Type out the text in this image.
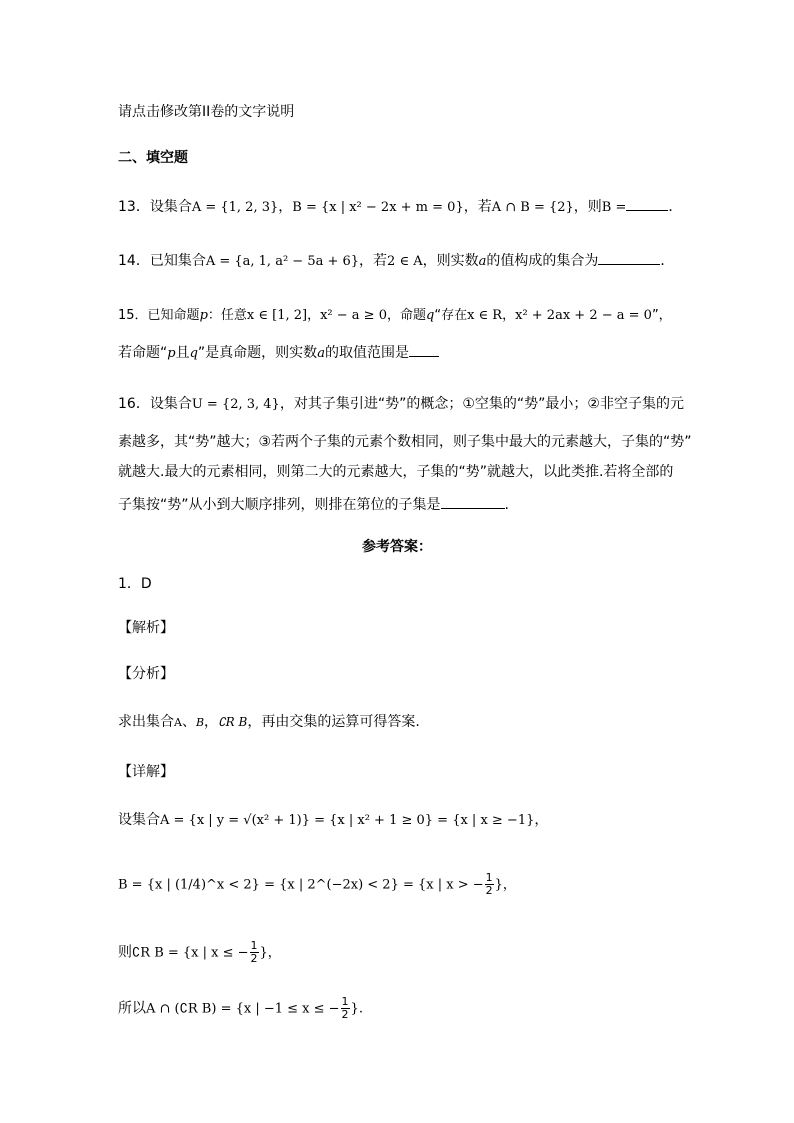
请点击修改第II卷的文字说明
二、填空题
13．设集合A = {1, 2, 3}，B = {x | x² − 2x + m = 0}，若A ∩ B = {2}，则B =	．
14．已知集合A = {a, 1, a² − 5a + 6}，若2 ∈ A，则实数a的值构成的集合为	．
15．已知命题p：任意x ∈ [1, 2]，x² − a ≥ 0，命题q“存在x ∈ R，x² + 2ax + 2 − a = 0”，
若命题“p且q”是真命题，则实数a的取值范围是
16．设集合U = {2, 3, 4}，对其子集引进“势”的概念；①空集的“势”最小；②非空子集的元
素越多，其“势”越大；③若两个子集的元素个数相同，则子集中最大的元素越大，子集的“势”
就越大.最大的元素相同，则第二大的元素越大，子集的“势”就越大，以此类推.若将全部的
子集按“势”从小到大顺序排列，则排在第位的子集是	.
参考答案：
1．D
【解析】
【分析】
求出集合A、B，∁R B，再由交集的运算可得答案.
【详解】
设集合A = {x | y = √(x² + 1)} = {x | x² + 1 ≥ 0} = {x | x ≥ −1}，
B = {x | (1/4)^x < 2} = {x | 2^(−2x) < 2} = {x | x > − $\frac{1}{2}$ }，
则∁R B = {x | x ≤ − $\frac{1}{2}$ }，
所以A ∩ (∁R B) = {x | −1 ≤ x ≤ − $\frac{1}{2}$ }.
